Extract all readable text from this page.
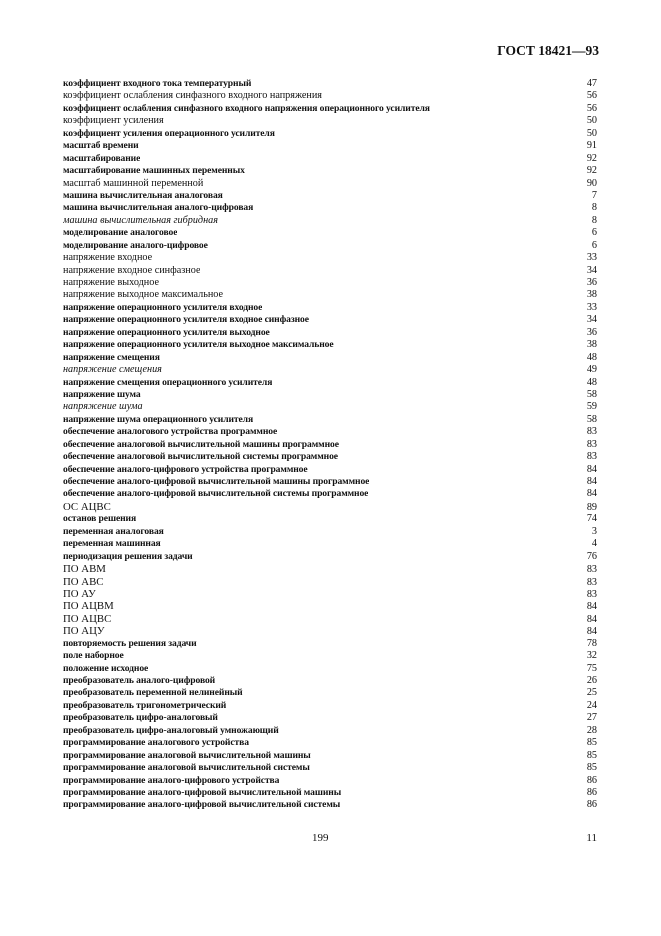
ГОСТ 18421—93
коэффициент входного тока температурный	47
коэффициент ослабления синфазного входного напряжения	56
коэффициент ослабления синфазного входного напряжения операционного усилителя	56
коэффициент усиления	50
коэффициент усиления операционного усилителя	50
масштаб времени	91
масштабирование	92
масштабирование машинных переменных	92
масштаб машинной переменной	90
машина вычислительная аналоговая	7
машина вычислительная аналого-цифровая	8
машина вычислительная гибридная	8
моделирование аналоговое	6
моделирование аналого-цифровое	6
напряжение входное	33
напряжение входное синфазное	34
напряжение выходное	36
напряжение выходное максимальное	38
напряжение операционного усилителя входное	33
напряжение операционного усилителя входное синфазное	34
напряжение операционного усилителя выходное	36
напряжение операционного усилителя выходное максимальное	38
напряжение смещения	48
напряжение смещения	49
напряжение смещения операционного усилителя	48
напряжение шума	58
напряжение шума	59
напряжение шума операционного усилителя	58
обеспечение аналогового устройства программное	83
обеспечение аналоговой вычислительной машины программное	83
обеспечение аналоговой вычислительной системы программное	83
обеспечение аналого-цифрового устройства программное	84
обеспечение аналого-цифровой вычислительной машины программное	84
обеспечение аналого-цифровой вычислительной системы программное	84
ОС АЦВС	89
останов решения	74
переменная аналоговая	3
переменная машинная	4
периодизация решения задачи	76
ПО АВМ	83
ПО АВС	83
ПО АУ	83
ПО АЦВМ	84
ПО АЦВС	84
ПО АЦУ	84
повторяемость решения задачи	78
поле наборное	32
положение исходное	75
преобразователь аналого-цифровой	26
преобразователь переменной нелинейный	25
преобразователь тригонометрический	24
преобразователь цифро-аналоговый	27
преобразователь цифро-аналоговый умножающий	28
программирование аналогового устройства	85
программирование аналоговой вычислительной машины	85
программирование аналоговой вычислительной системы	85
программирование аналого-цифрового устройства	86
программирование аналого-цифровой вычислительной машины	86
программирование аналого-цифровой вычислительной системы	86
199	11
